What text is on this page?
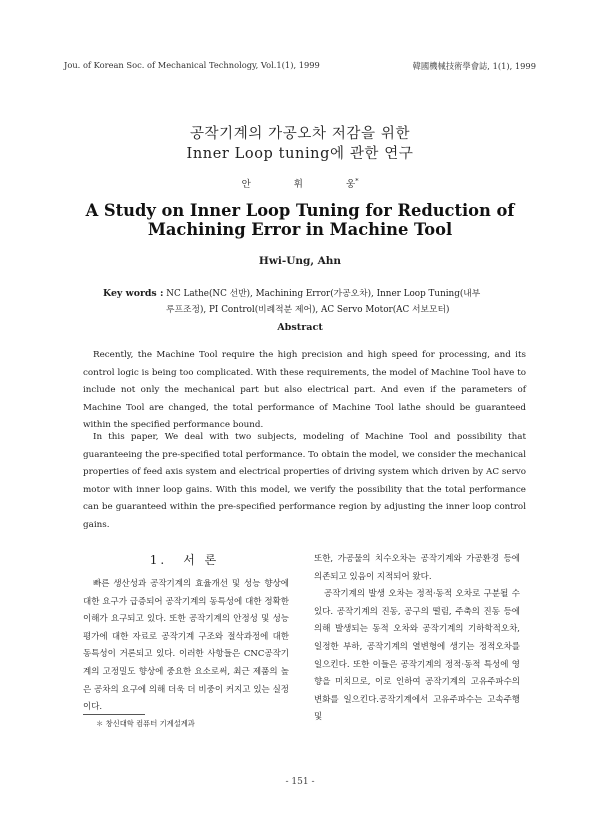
Jou. of Korean Soc. of Mechanical Technology, Vol.1(1), 1999	韓國機械技術學會誌, 1(1), 1999
공작기계의 가공오차 저감을 위한
Inner Loop tuning에 관한 연구
안	휘	웅*
A Study on Inner Loop Tuning for Reduction of
Machining Error in Machine Tool
Hwi-Ung, Ahn
Key words : NC Lathe(NC 선반), Machining Error(가공오차), Inner Loop Tuning(내부
루프조정), PI Control(비례적분 제어), AC Servo Motor(AC 서보모터)
Abstract

Recently, the Machine Tool require the high precision and high speed for processing, and its control logic is being too complicated. With these requirements, the model of Machine Tool have to include not only the mechanical part but also electrical part. And even if the parameters of Machine Tool are changed, the total performance of Machine Tool lathe should be guaranteed within the specified performance bound.

In this paper, We deal with two subjects, modeling of Machine Tool and possibility that guaranteeing the pre-specified total performance. To obtain the model, we consider the mechanical properties of feed axis system and electrical properties of driving system which driven by AC servo motor with inner loop gains. With this model, we verify the possibility that the total performance can be guaranteed within the pre-specified performance region by adjusting the inner loop control gains.

1. 서 론

빠른 생산성과 공작기계의 효율개선 및 성능 향상에 대한 요구가 급증되어 공작기계의 동특성에 대한 정확한 이해가 요구되고 있다. 또한 공작기계의 안정성 및 성능평가에 대한 자료로 공작기계 구조와 절삭과정에 대한 동특성이 거론되고 있다. 이러한 사항들은 CNC공작기계의 고정밀도 향상에 중요한 요소로써, 최근 제품의 높은 공차의 요구에 의해 더욱 더 비중이 커지고 있는 실정이다.

또한, 가공물의 치수오차는 공작기계와 가공환경 등에 의존되고 있음이 지적되어 왔다.

공작기계의 발생 오차는 정적·동적 오차로 구분될 수 있다. 공작기계의 진동, 공구의 떨림, 주축의 진동 등에 의해 발생되는 동적 오차와 공작기계의 기하학적오차, 일정한 부하, 공작기계의 열변형에 생기는 정적오차를 일으킨다. 또한 이들은 공작기계의 정적·동적 특성에 영향을 미치므로, 이로 인하여 공작기계의 고유주파수의 변화를 일으킨다.공작기계에서 고유주파수는 고속주행 및

＊ 창신대학 컴퓨터 기계설계과
- 151 -
